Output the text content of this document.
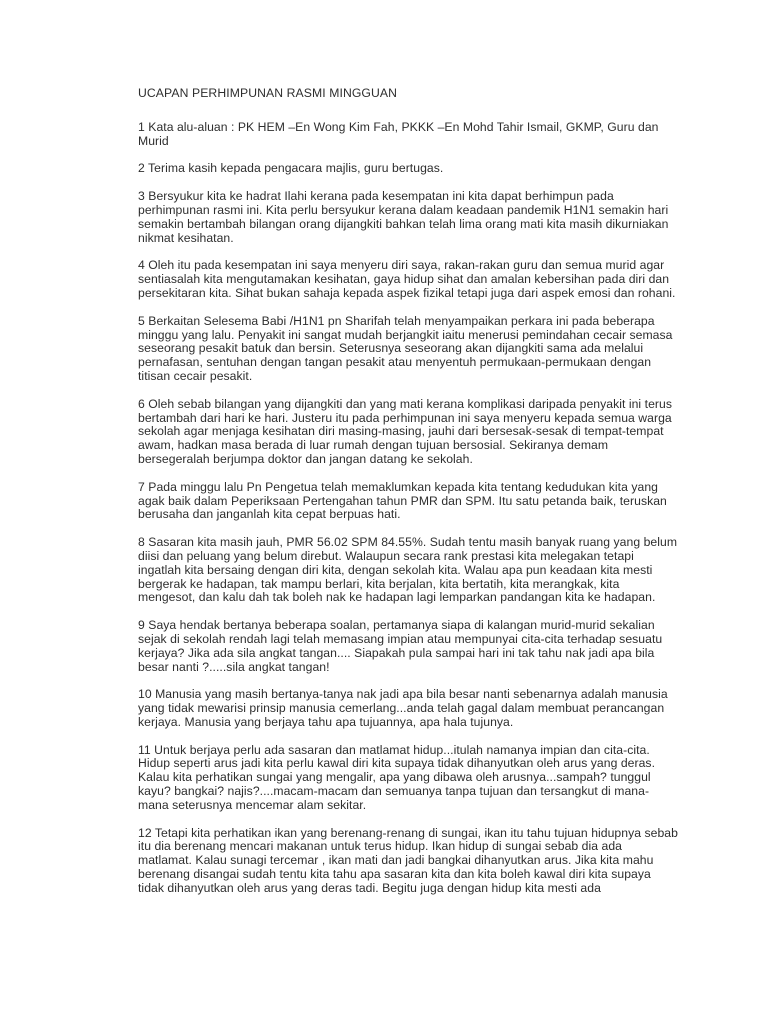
UCAPAN PERHIMPUNAN RASMI MINGGUAN

1 Kata alu-aluan : PK HEM –En Wong Kim Fah, PKKK –En Mohd Tahir Ismail, GKMP, Guru dan Murid

2 Terima kasih kepada pengacara majlis, guru bertugas.

3 Bersyukur kita ke hadrat Ilahi kerana pada kesempatan ini kita dapat berhimpun pada perhimpunan rasmi ini. Kita perlu bersyukur kerana dalam keadaan pandemik H1N1 semakin hari semakin bertambah bilangan orang dijangkiti bahkan telah lima orang mati kita masih dikurniakan nikmat kesihatan.

4 Oleh itu pada kesempatan ini saya menyeru diri saya, rakan-rakan guru dan semua murid agar sentiasalah kita mengutamakan kesihatan, gaya hidup sihat dan amalan kebersihan pada diri dan persekitaran kita. Sihat bukan sahaja kepada aspek fizikal tetapi juga dari aspek emosi dan rohani.

5 Berkaitan Selesema Babi /H1N1 pn Sharifah telah menyampaikan perkara ini pada beberapa minggu yang lalu. Penyakit ini sangat mudah berjangkit iaitu menerusi pemindahan cecair semasa seseorang pesakit batuk dan bersin. Seterusnya seseorang akan dijangkiti sama ada melalui pernafasan, sentuhan dengan tangan pesakit atau menyentuh permukaan-permukaan dengan titisan cecair pesakit.

6 Oleh sebab bilangan yang dijangkiti dan yang mati kerana komplikasi daripada penyakit ini terus bertambah dari hari ke hari. Justeru itu pada perhimpunan ini saya menyeru kepada semua warga sekolah agar menjaga kesihatan diri masing-masing, jauhi dari bersesak-sesak di tempat-tempat awam, hadkan masa berada di luar rumah dengan tujuan bersosial. Sekiranya demam bersegeralah berjumpa doktor dan jangan datang ke sekolah.

7 Pada minggu lalu Pn Pengetua telah memaklumkan kepada kita tentang kedudukan kita yang agak baik dalam Peperiksaan Pertengahan tahun PMR dan SPM. Itu satu petanda baik, teruskan berusaha dan janganlah kita cepat berpuas hati.

8 Sasaran kita masih jauh, PMR 56.02 SPM 84.55%. Sudah tentu masih banyak ruang yang belum diisi dan peluang yang belum direbut. Walaupun secara rank prestasi kita melegakan tetapi ingatlah kita bersaing dengan diri kita, dengan sekolah kita. Walau apa pun keadaan kita mesti bergerak ke hadapan, tak mampu berlari, kita berjalan, kita bertatih, kita merangkak, kita mengesot, dan kalu dah tak boleh nak ke hadapan lagi lemparkan pandangan kita ke hadapan.

9 Saya hendak bertanya beberapa soalan, pertamanya siapa di kalangan murid-murid sekalian sejak di sekolah rendah lagi telah memasang impian atau mempunyai cita-cita terhadap sesuatu kerjaya? Jika ada sila angkat tangan.... Siapakah pula sampai hari ini tak tahu nak jadi apa bila besar nanti ?.....sila angkat tangan!

10 Manusia yang masih bertanya-tanya nak jadi apa bila besar nanti sebenarnya adalah manusia yang tidak mewarisi prinsip manusia cemerlang...anda telah gagal dalam membuat perancangan kerjaya. Manusia yang berjaya tahu apa tujuannya, apa hala tujunya.

11 Untuk berjaya perlu ada sasaran dan matlamat hidup...itulah namanya impian dan cita-cita. Hidup seperti arus jadi kita perlu kawal diri kita supaya tidak dihanyutkan oleh arus yang deras. Kalau kita perhatikan sungai yang mengalir, apa yang dibawa oleh arusnya...sampah? tunggul kayu? bangkai? najis?....macam-macam dan semuanya tanpa tujuan dan tersangkut di mana-mana seterusnya mencemar alam sekitar.

12 Tetapi kita perhatikan ikan yang berenang-renang di sungai, ikan itu tahu tujuan hidupnya sebab itu dia berenang mencari makanan untuk terus hidup. Ikan hidup di sungai sebab dia ada matlamat. Kalau sunagi tercemar , ikan mati dan jadi bangkai dihanyutkan arus. Jika kita mahu berenang disangai sudah tentu kita tahu apa sasaran kita dan kita boleh kawal diri kita supaya tidak dihanyutkan oleh arus yang deras tadi. Begitu juga dengan hidup kita mesti ada
